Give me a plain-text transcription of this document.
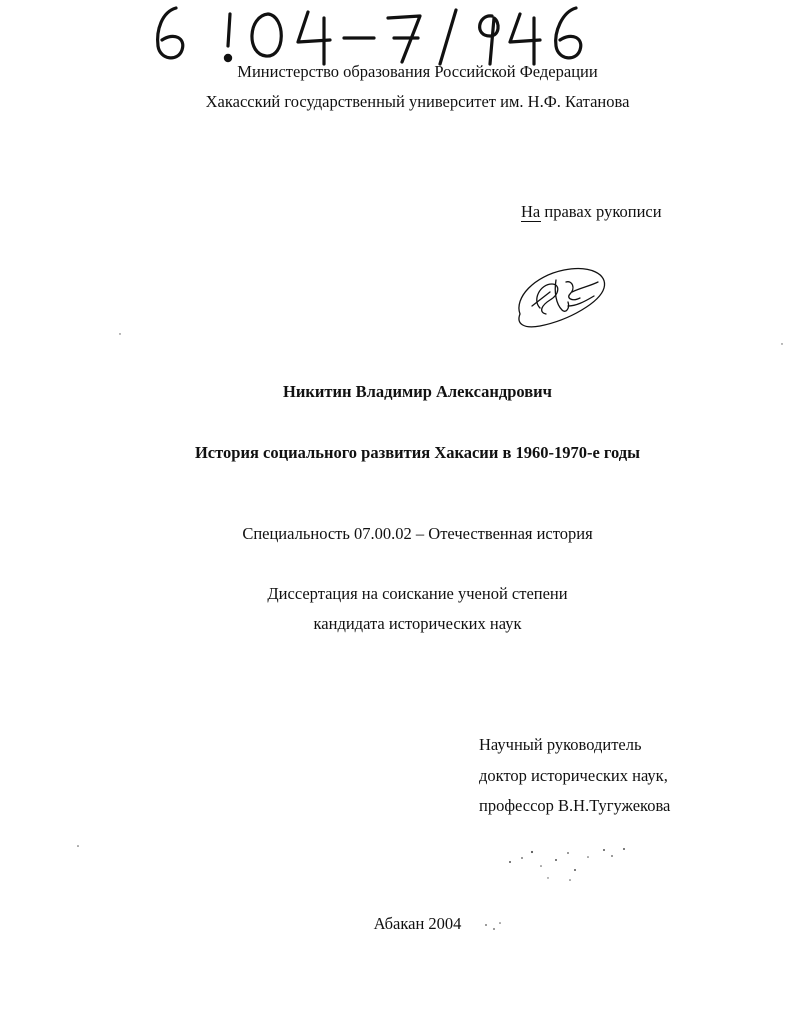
Министерство образования Российской Федерации
Хакасский государственный университет им. Н.Ф. Катанова
На правах рукописи
Никитин Владимир Александрович
История социального развития Хакасии в 1960-1970-е годы
Специальность 07.00.02 – Отечественная история
Диссертация на соискание ученой степени
кандидата исторических наук
Научный руководитель
доктор исторических наук,
профессор В.Н.Тугужекова
Абакан 2004
